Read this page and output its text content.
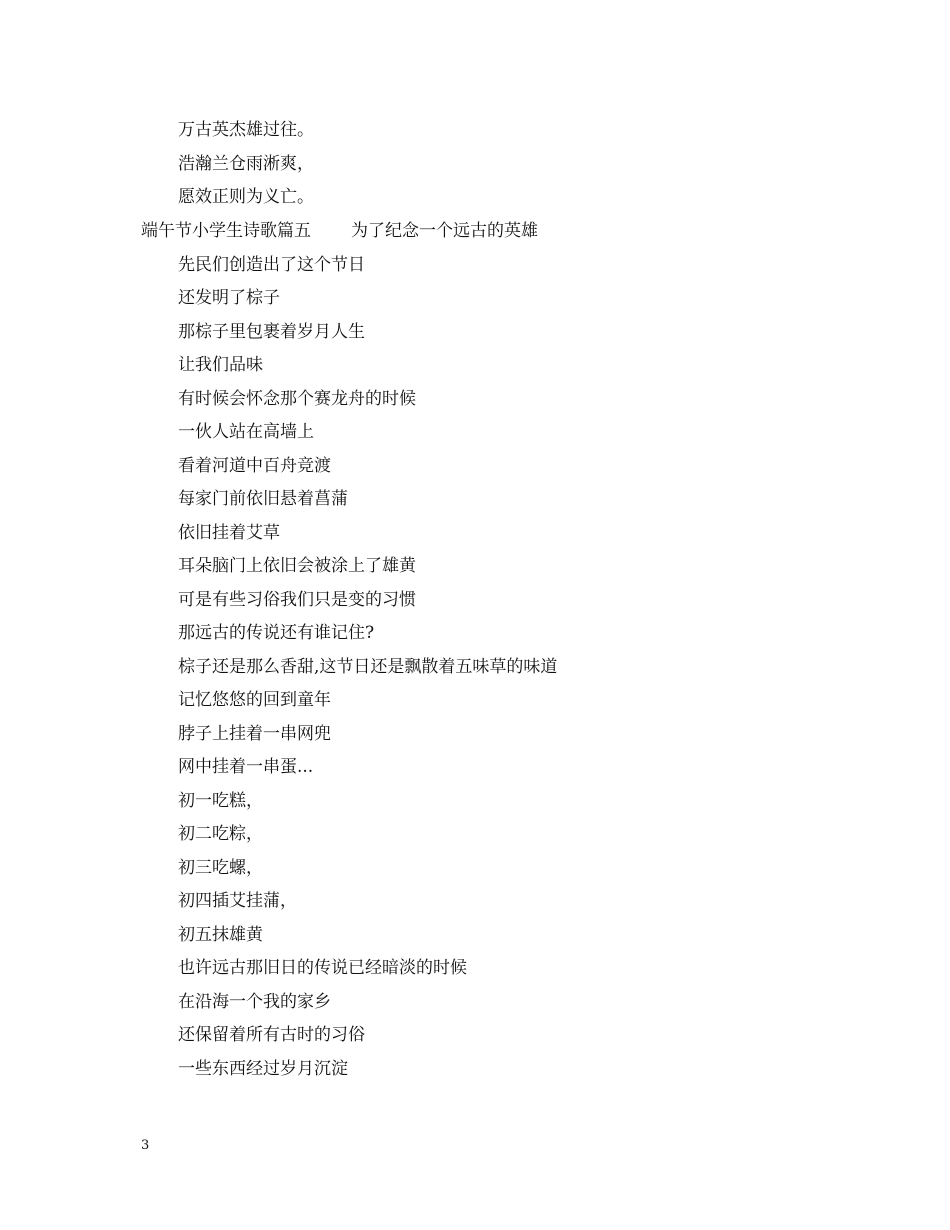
万古英杰雄过往。
浩瀚兰仓雨淅爽，
愿效正则为义亡。
端午节小学生诗歌篇五 为了纪念一个远古的英雄
先民们创造出了这个节日
还发明了棕子
那棕子里包裹着岁月人生
让我们品味
有时候会怀念那个赛龙舟的时候
一伙人站在高墙上
看着河道中百舟竞渡
每家门前依旧悬着菖蒲
依旧挂着艾草
耳朵脑门上依旧会被涂上了雄黄
可是有些习俗我们只是变的习惯
那远古的传说还有谁记住?
棕子还是那么香甜,这节日还是飘散着五味草的味道
记忆悠悠的回到童年
脖子上挂着一串网兜
网中挂着一串蛋...
初一吃糕，
初二吃粽，
初三吃螺，
初四插艾挂蒲，
初五抹雄黄
也许远古那旧日的传说已经暗淡的时候
在沿海一个我的家乡
还保留着所有古时的习俗
一些东西经过岁月沉淀
3
